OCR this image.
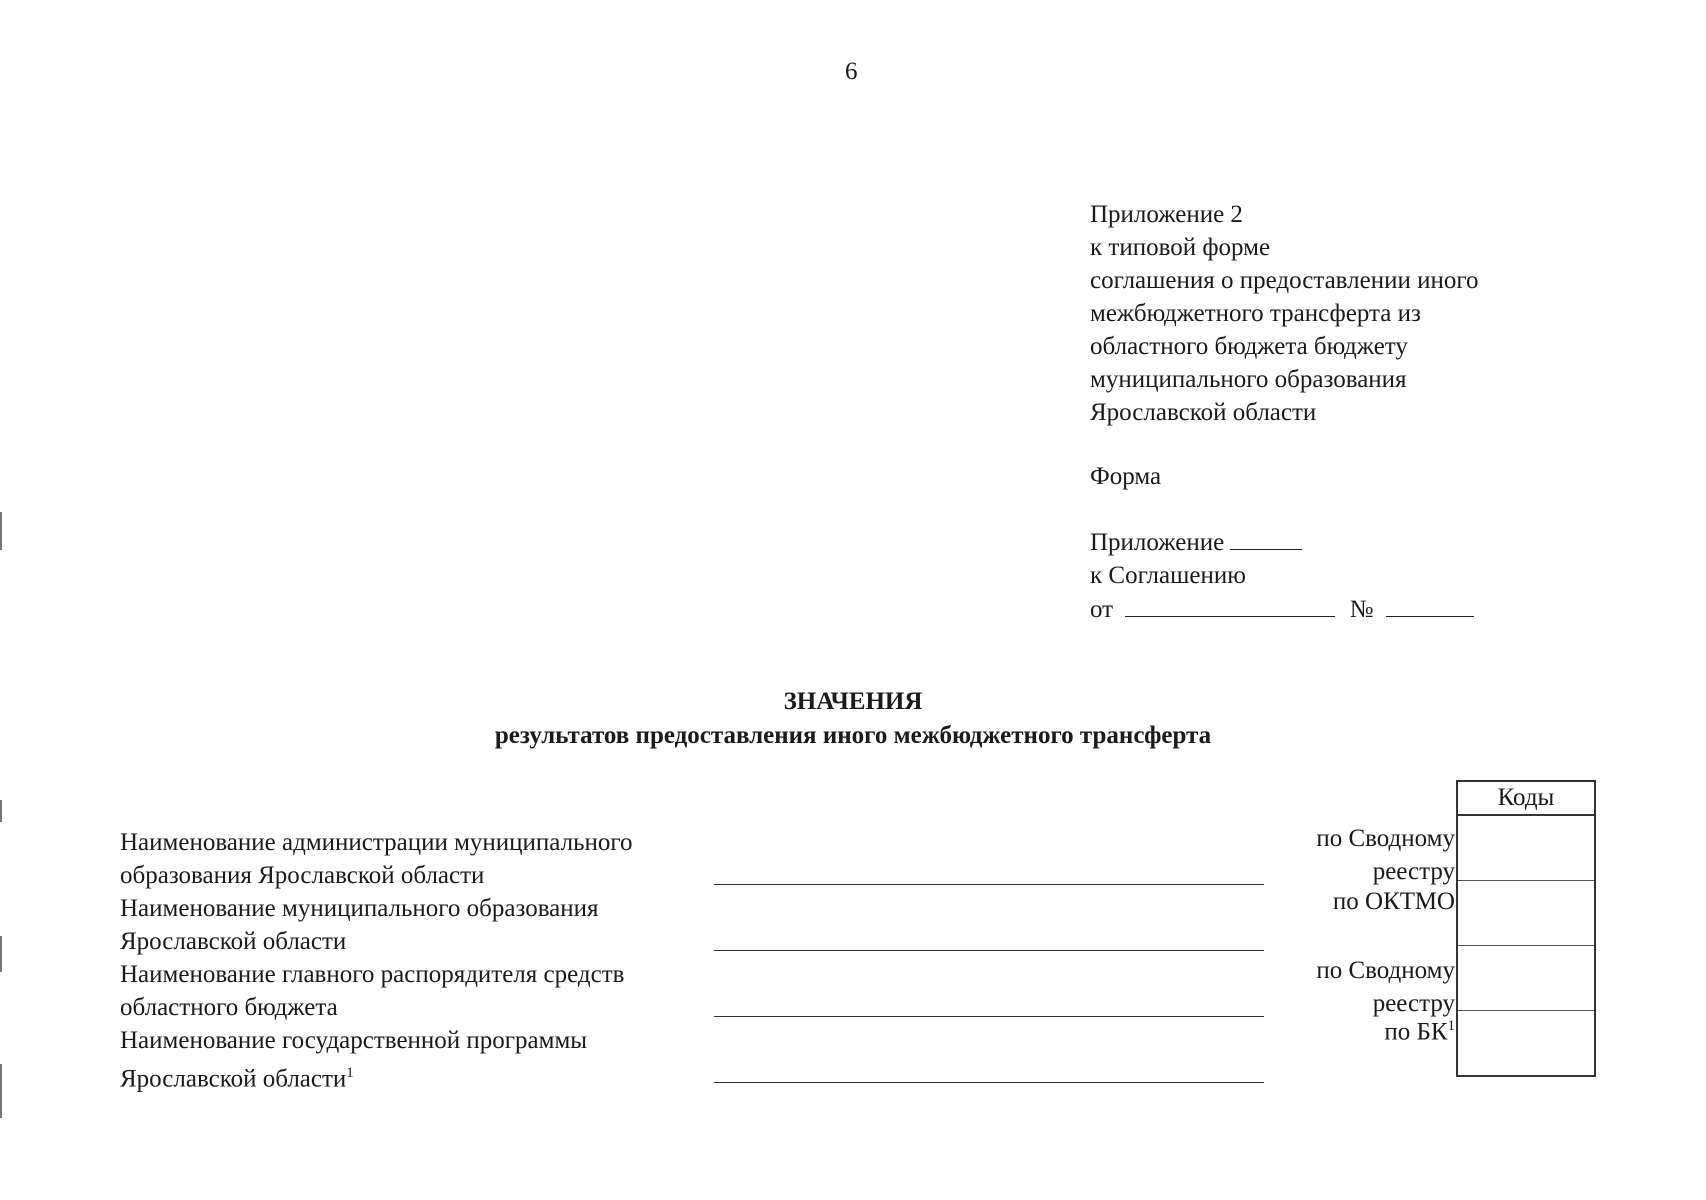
6
Приложение 2
к типовой форме
соглашения о предоставлении иного
межбюджетного трансферта из
областного бюджета бюджету
муниципального образования
Ярославской области
Форма
Приложение
к Соглашению
от	№
ЗНАЧЕНИЯ
результатов предоставления иного межбюджетного трансферта
Наименование администрации муниципального
образования Ярославской области
Наименование муниципального образования
Ярославской области
Наименование главного распорядителя средств
областного бюджета
Наименование государственной программы
Ярославской области$^1$
по Сводному
реестру
по ОКТМО
по Сводному
реестру
по $БК^1$
Коды
